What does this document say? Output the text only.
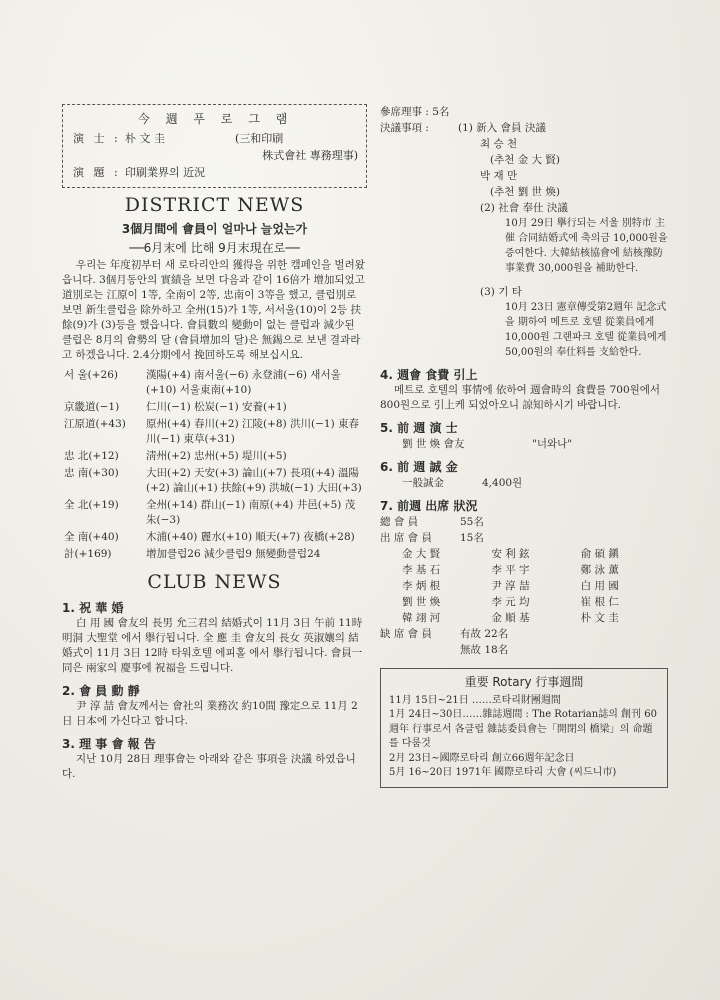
今 週 푸 로 그 램
演 士 : 朴 文 圭	(三和印刷
株式會社 專務理事)
演 題 : 印刷業界의 近況
DISTRICT NEWS
3個月間에 會員이 얼마나 늘었는가
──6月末에 比해 9月末現在로──
우리는 年度初부터 새 로타리안의 獲得을 위한 캠페인을 벌려왔읍니다. 3個月동안의 實績을 보면 다음과 같이 16倍가 增加되었고 道別로는 江原이 1等, 全南이 2等, 忠南이 3等을 했고, 클럽別로 보면 新生클럽을 除外하고 全州(15)가 1等, 서서울(10)이 2등 扶餘(9)가 (3)등을 했읍니다. 會員數의 變動이 없는 클럽과 減少된 클럽은 8月의 會勢의 달 (會員增加의 달)은 無錫으로 보낸 결과라고 하겠읍니다. 2.4分期에서 挽回하도록 해보십시요.
서 울(+26)	漢陽(+4) 南서울(−6) 永登浦(−6) 새서울(+10) 서울東南(+10)
京畿道(−1)	仁川(−1) 松炭(−1) 安養(+1)
江原道(+43)	原州(+4) 春川(+2) 江陵(+8) 洪川(−1) 東春川(−1) 東草(+31)
忠 北(+12)	淸州(+2) 忠州(+5) 堤川(+5)
忠 南(+30)	大田(+2) 天安(+3) 論山(+7) 長項(+4) 溫陽(+2) 論山(+1) 扶餘(+9) 洪城(−1) 大田(+3)
全 北(+19)	全州(+14) 群山(−1) 南原(+4) 井邑(+5) 茂朱(−3)
全 南(+40)	木浦(+40) 麗水(+10) 順天(+7) 夜橋(+28)
計(+169)	增加클럽26 減少클럽9 無變動클럽24
CLUB NEWS
1. 祝 華 婚
白 用 國 會友의 長男 允三君의 結婚式이 11月 3日 午前 11時 明洞 大聖堂 에서 擧行됩니다. 全 應 圭 會友의 長女 英淑孃의 結婚式이 11月 3日 12時 타워호텔 에피홀 에서 擧行됩니다. 會員一同은 兩家의 慶事에 祝福을 드립니다.
2. 會 員 動 靜
尹 淳 喆 會友께서는 會社의 業務次 約10間 豫定으로 11月 2日 日本에 가신다고 합니다.
3. 理 事 會 報 告
지난 10月 28日 理事會는 아래와 같은 事項을 決議 하였읍니다.
參席理事 : 5名
決議事項 :	(1) 新入 會員 決議
최 승 천
(추천 金 大 賢)
박 재 만
(추천 劉 世 煥)
(2) 社會 奉仕 決議
10月 29日 擧行되는 서울 別特市 主催 合同結婚式에 축의금 10,000원을 증여한다. 大韓結核協會에 結核豫防 事業費 30,000원을 補助한다.
(3) 기 타
10月 23日 憲章傳受第2週年 記念式을 期하여 메트로 호텔 從業員에게 10,000원 그랜파크 호텔 從業員에게 50,00원의 奉仕料를 支給한다.
4. 週會 食費 引上
메트로 호텔의 事情에 依하여 週會時의 食費를 700원에서 800원으로 引上케 되었아오니 諒知하시기 바랍니다.
5. 前 週 演 士
劉 世 煥 會友	"너와나"
6. 前 週 誠 金
一般誠金	4,400원
7. 前週 出席 狀況
總 會 員	55名
出 席 會 員	15名
金 大 賢	安 利 鉉	俞 碩 鎭
李 基 石	李 平 宇	鄭 泳 薰
李 炳 根	尹 淳 喆	白 用 國
劉 世 煥	李 元 均	崔 根 仁
韓 翊 河	金 順 基	朴 文 圭
缺 席 會 員	有故 22名
無故 18名
重要 Rotary 行事週間
11月 15日~21日 ……로타리財團週間
1月 24日~30日……雜誌週間 : The Rotarian誌의 創刊 60 週年 行事로서 各클럽 雜誌委員會는「開閉의 橋梁」의 命題를 다룸것
2月 23日~國際로타리 創立66週年記念日
5月 16~20日 1971年 國際로타리 大會 (씨드니市)
